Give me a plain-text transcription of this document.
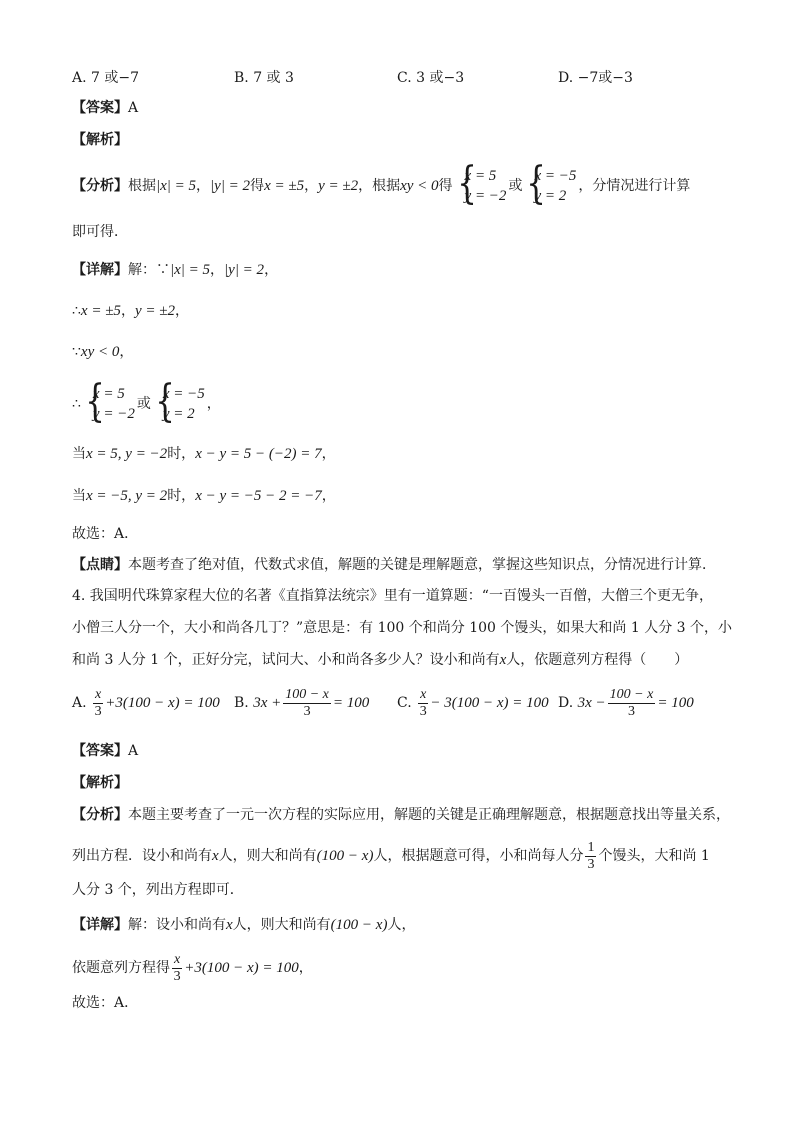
A. 7 或−7	B. 7 或 3	C. 3 或−3	D. −7或−3
【答案】A
【解析】
【分析】根据|x| = 5，|y| = 2得x = ±5，y = ±2，根据xy < 0得
{ x = 5
y = −2
或
{ x = −5
y = 2
，分情况进行计算
即可得．
【详解】解：∵|x| = 5，|y| = 2，
∴x = ±5，y = ±2，
∵xy < 0，
∴
{ x = 5
y = −2
或
{ x = −5
y = 2
，
当x = 5, y = −2时，x − y = 5 − (−2) = 7，
当x = −5, y = 2时，x − y = −5 − 2 = −7，
故选：A．
【点睛】本题考查了绝对值，代数式求值，解题的关键是理解题意，掌握这些知识点，分情况进行计算．
4. 我国明代珠算家程大位的名著《直指算法统宗》里有一道算题：“一百馒头一百僧，大僧三个更无争，
小僧三人分一个，大小和尚各几丁？”意思是：有 100 个和尚分 100 个馒头，如果大和尚 1 人分 3 个，小
和尚 3 人分 1 个，正好分完，试问大、小和尚各多少人？设小和尚有x人，依题意列方程得（　　）
A. $\frac{x}{3} +3(100 - x) = 100$ B. $3x + \frac{100 - x}{3} = 100$ C. $\frac{x}{3} - 3(100 - x) = 100$ D. $3x - \frac{100 - x}{3} = 100$
【答案】A
【解析】
【分析】本题主要考查了一元一次方程的实际应用，解题的关键是正确理解题意，根据题意找出等量关系，
列出方程．设小和尚有x人，则大和尚有(100 − x)人，根据题意可得，小和尚每人分 $\frac{1}{3}$ 个馒头，大和尚 1
人分 3 个，列出方程即可．
【详解】解：设小和尚有x人，则大和尚有(100 − x)人，
依题意列方程得 $\frac{x}{3} +3(100 - x) = 100$，
故选：A．
